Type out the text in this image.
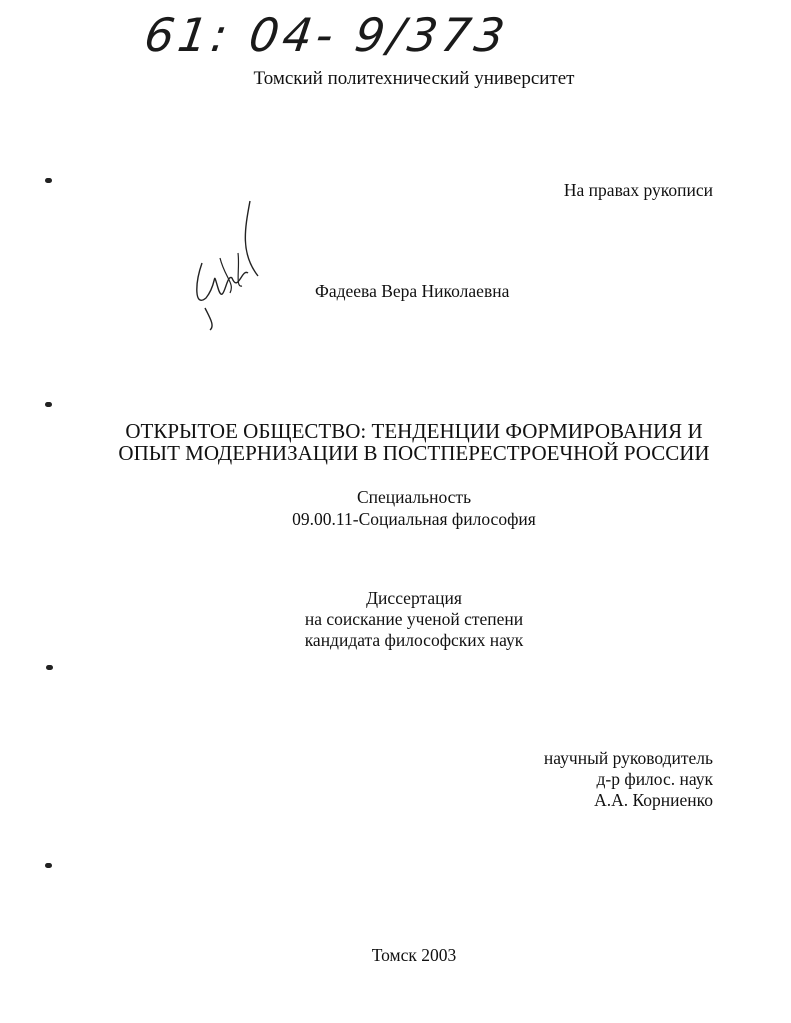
61: 04- 9/373
Томский политехнический университет
На правах рукописи
Фадеева Вера Николаевна
ОТКРЫТОЕ ОБЩЕСТВО: ТЕНДЕНЦИИ ФОРМИРОВАНИЯ И
ОПЫТ МОДЕРНИЗАЦИИ В ПОСТПЕРЕСТРОЕЧНОЙ РОССИИ
Специальность
09.00.11-Социальная философия
Диссертация
на соискание ученой степени
кандидата философских наук
научный руководитель
д-р филос. наук
А.А. Корниенко
Томск 2003
